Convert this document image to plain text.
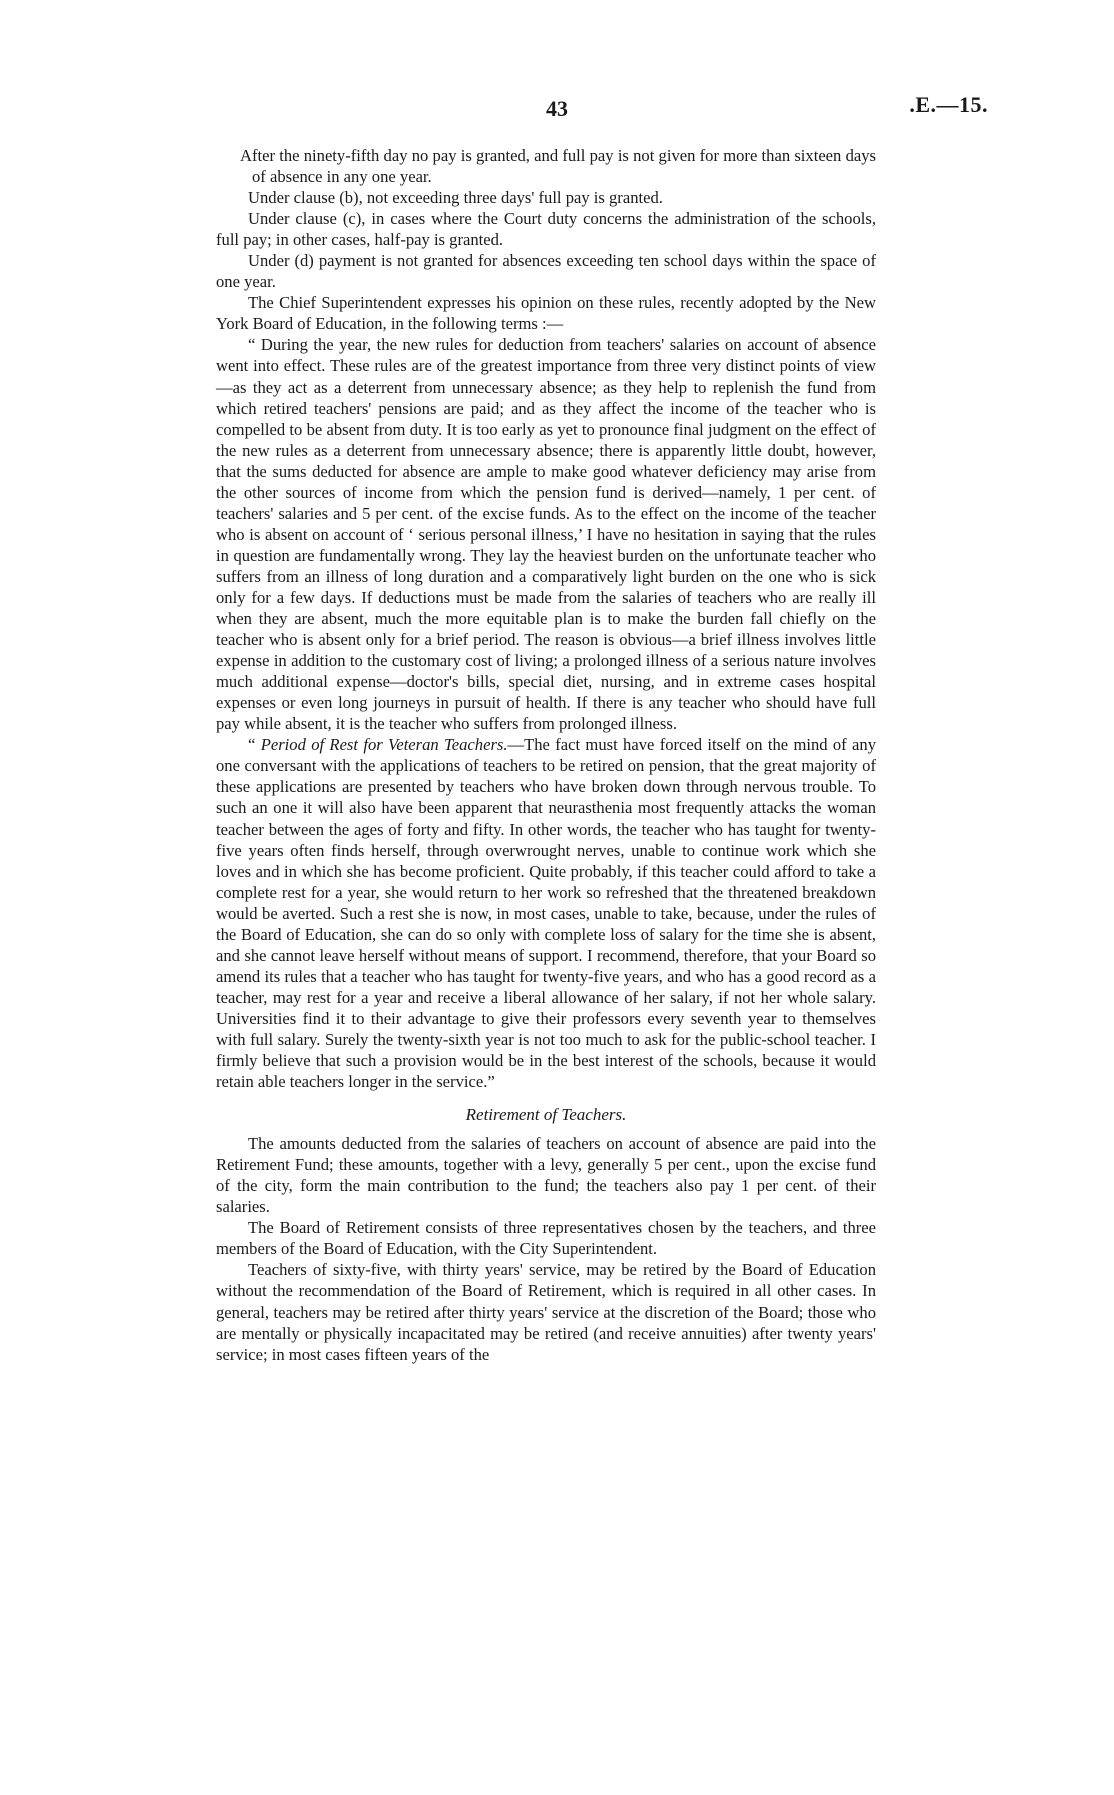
43	.E.—15.

After the ninety-fifth day no pay is granted, and full pay is not given for more than sixteen days of absence in any one year.

Under clause (b), not exceeding three days' full pay is granted.

Under clause (c), in cases where the Court duty concerns the administration of the schools, full pay; in other cases, half-pay is granted.

Under (d) payment is not granted for absences exceeding ten school days within the space of one year.

The Chief Superintendent expresses his opinion on these rules, recently adopted by the New York Board of Education, in the following terms :—

“ During the year, the new rules for deduction from teachers' salaries on account of absence went into effect. These rules are of the greatest importance from three very distinct points of view—as they act as a deterrent from unnecessary absence; as they help to replenish the fund from which retired teachers' pensions are paid; and as they affect the income of the teacher who is compelled to be absent from duty. It is too early as yet to pronounce final judgment on the effect of the new rules as a deterrent from unnecessary absence; there is apparently little doubt, however, that the sums deducted for absence are ample to make good whatever deficiency may arise from the other sources of income from which the pension fund is derived—namely, 1 per cent. of teachers' salaries and 5 per cent. of the excise funds. As to the effect on the income of the teacher who is absent on account of ‘ serious personal illness,’ I have no hesitation in saying that the rules in question are fundamentally wrong. They lay the heaviest burden on the unfortunate teacher who suffers from an illness of long duration and a comparatively light burden on the one who is sick only for a few days. If deductions must be made from the salaries of teachers who are really ill when they are absent, much the more equitable plan is to make the burden fall chiefly on the teacher who is absent only for a brief period. The reason is obvious—a brief illness involves little expense in addition to the customary cost of living; a prolonged illness of a serious nature involves much additional expense—doctor's bills, special diet, nursing, and in extreme cases hospital expenses or even long journeys in pursuit of health. If there is any teacher who should have full pay while absent, it is the teacher who suffers from prolonged illness.

“ Period of Rest for Veteran Teachers.—The fact must have forced itself on the mind of any one conversant with the applications of teachers to be retired on pension, that the great majority of these applications are presented by teachers who have broken down through nervous trouble. To such an one it will also have been apparent that neurasthenia most frequently attacks the woman teacher between the ages of forty and fifty. In other words, the teacher who has taught for twenty-five years often finds herself, through overwrought nerves, unable to continue work which she loves and in which she has become proficient. Quite probably, if this teacher could afford to take a complete rest for a year, she would return to her work so refreshed that the threatened breakdown would be averted. Such a rest she is now, in most cases, unable to take, because, under the rules of the Board of Education, she can do so only with complete loss of salary for the time she is absent, and she cannot leave herself without means of support. I recommend, therefore, that your Board so amend its rules that a teacher who has taught for twenty-five years, and who has a good record as a teacher, may rest for a year and receive a liberal allowance of her salary, if not her whole salary. Universities find it to their advantage to give their professors every seventh year to themselves with full salary. Surely the twenty-sixth year is not too much to ask for the public-school teacher. I firmly believe that such a provision would be in the best interest of the schools, because it would retain able teachers longer in the service.”

Retirement of Teachers.

The amounts deducted from the salaries of teachers on account of absence are paid into the Retirement Fund; these amounts, together with a levy, generally 5 per cent., upon the excise fund of the city, form the main contribution to the fund; the teachers also pay 1 per cent. of their salaries.

The Board of Retirement consists of three representatives chosen by the teachers, and three members of the Board of Education, with the City Superintendent.

Teachers of sixty-five, with thirty years' service, may be retired by the Board of Education without the recommendation of the Board of Retirement, which is required in all other cases. In general, teachers may be retired after thirty years' service at the discretion of the Board; those who are mentally or physically incapacitated may be retired (and receive annuities) after twenty years' service; in most cases fifteen years of the
